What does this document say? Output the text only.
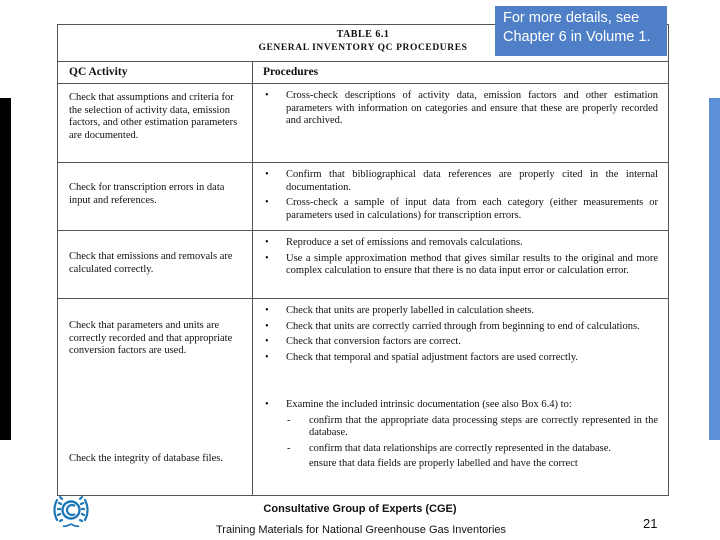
TABLE 6.1
GENERAL INVENTORY QC PROCEDURES
QC Activity	Procedures
Check that assumptions and criteria for the selection of activity data, emission factors, and other estimation parameters are documented.
• Cross-check descriptions of activity data, emission factors and other estimation parameters with information on categories and ensure that these are properly recorded and archived.
Check for transcription errors in data input and references.
• Confirm that bibliographical data references are properly cited in the internal documentation.
• Cross-check a sample of input data from each category (either measurements or parameters used in calculations) for transcription errors.
Check that emissions and removals are calculated correctly.
• Reproduce a set of emissions and removals calculations.
• Use a simple approximation method that gives similar results to the original and more complex calculation to ensure that there is no data input error or calculation error.
Check that parameters and units are correctly recorded and that appropriate conversion factors are used.
• Check that units are properly labelled in calculation sheets.
• Check that units are correctly carried through from beginning to end of calculations.
• Check that conversion factors are correct.
• Check that temporal and spatial adjustment factors are used correctly.
Check the integrity of database files.
• Examine the included intrinsic documentation (see also Box 6.4) to:
- confirm that the appropriate data processing steps are correctly represented in the database.
- confirm that data relationships are correctly represented in the database.
ensure that data fields are properly labelled and have the correct
For more details, see
Chapter 6 in Volume 1.
Consultative Group of Experts (CGE)
Training Materials for National Greenhouse Gas Inventories	21
